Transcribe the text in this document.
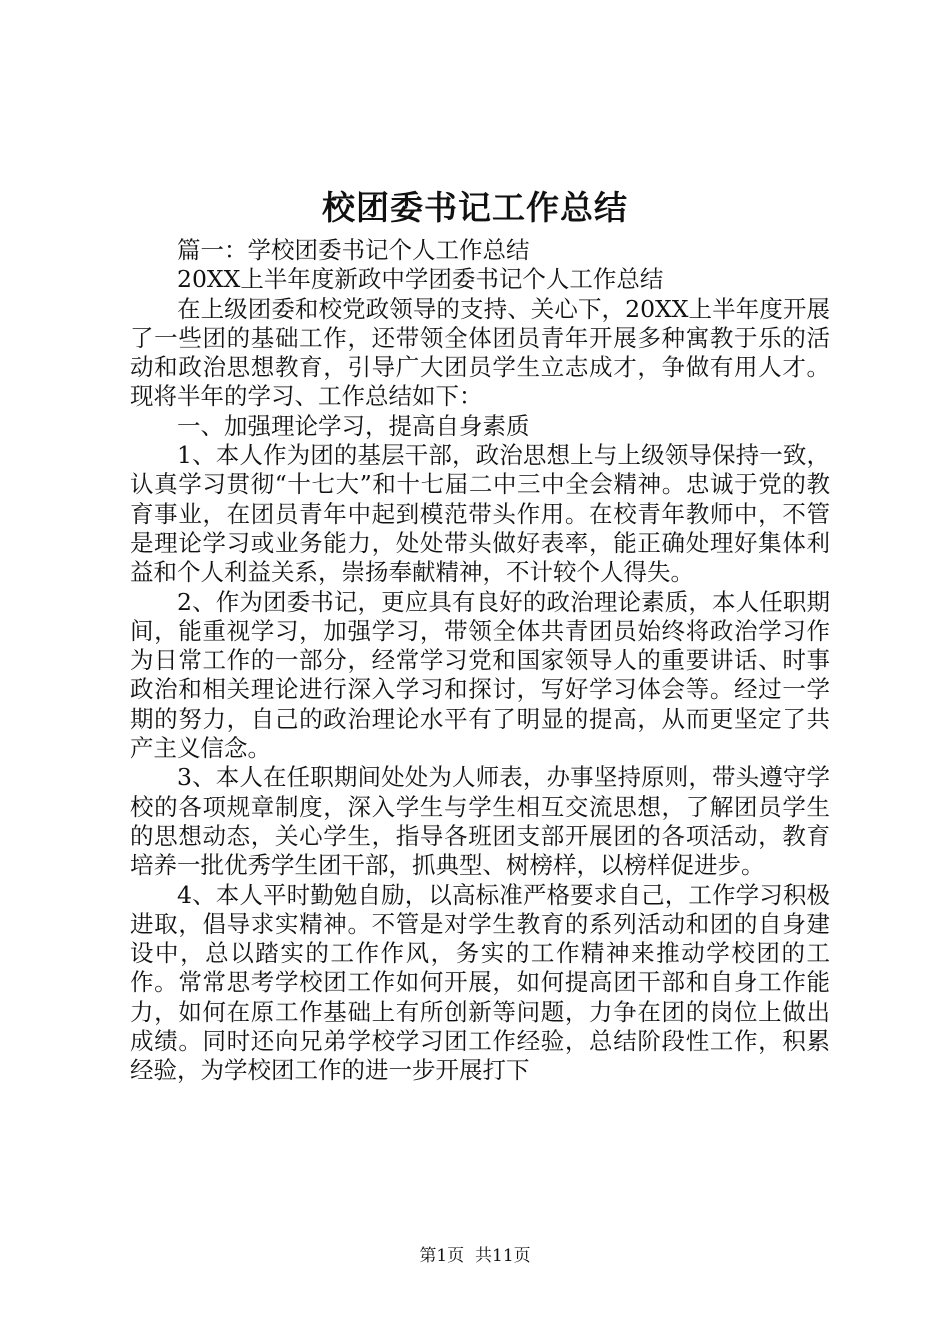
校团委书记工作总结

篇一：学校团委书记个人工作总结

20XX上半年度新政中学团委书记个人工作总结

在上级团委和校党政领导的支持、关心下，20XX上半年度开展了一些团的基础工作，还带领全体团员青年开展多种寓教于乐的活动和政治思想教育，引导广大团员学生立志成才，争做有用人才。现将半年的学习、工作总结如下：

一、加强理论学习，提高自身素质

1、本人作为团的基层干部，政治思想上与上级领导保持一致，认真学习贯彻“十七大”和十七届二中三中全会精神。忠诚于党的教育事业，在团员青年中起到模范带头作用。在校青年教师中，不管是理论学习或业务能力，处处带头做好表率，能正确处理好集体利益和个人利益关系，崇扬奉献精神，不计较个人得失。

2、作为团委书记，更应具有良好的政治理论素质，本人任职期间，能重视学习，加强学习，带领全体共青团员始终将政治学习作为日常工作的一部分，经常学习党和国家领导人的重要讲话、时事政治和相关理论进行深入学习和探讨，写好学习体会等。经过一学期的努力，自己的政治理论水平有了明显的提高，从而更坚定了共产主义信念。

3、本人在任职期间处处为人师表，办事坚持原则，带头遵守学校的各项规章制度，深入学生与学生相互交流思想，了解团员学生的思想动态，关心学生，指导各班团支部开展团的各项活动，教育培养一批优秀学生团干部，抓典型、树榜样，以榜样促进步。

4、本人平时勤勉自励，以高标准严格要求自己，工作学习积极进取，倡导求实精神。不管是对学生教育的系列活动和团的自身建设中，总以踏实的工作作风，务实的工作精神来推动学校团的工作。常常思考学校团工作如何开展，如何提高团干部和自身工作能力，如何在原工作基础上有所创新等问题，力争在团的岗位上做出成绩。同时还向兄弟学校学习团工作经验，总结阶段性工作，积累经验，为学校团工作的进一步开展打下

第1页 共11页
